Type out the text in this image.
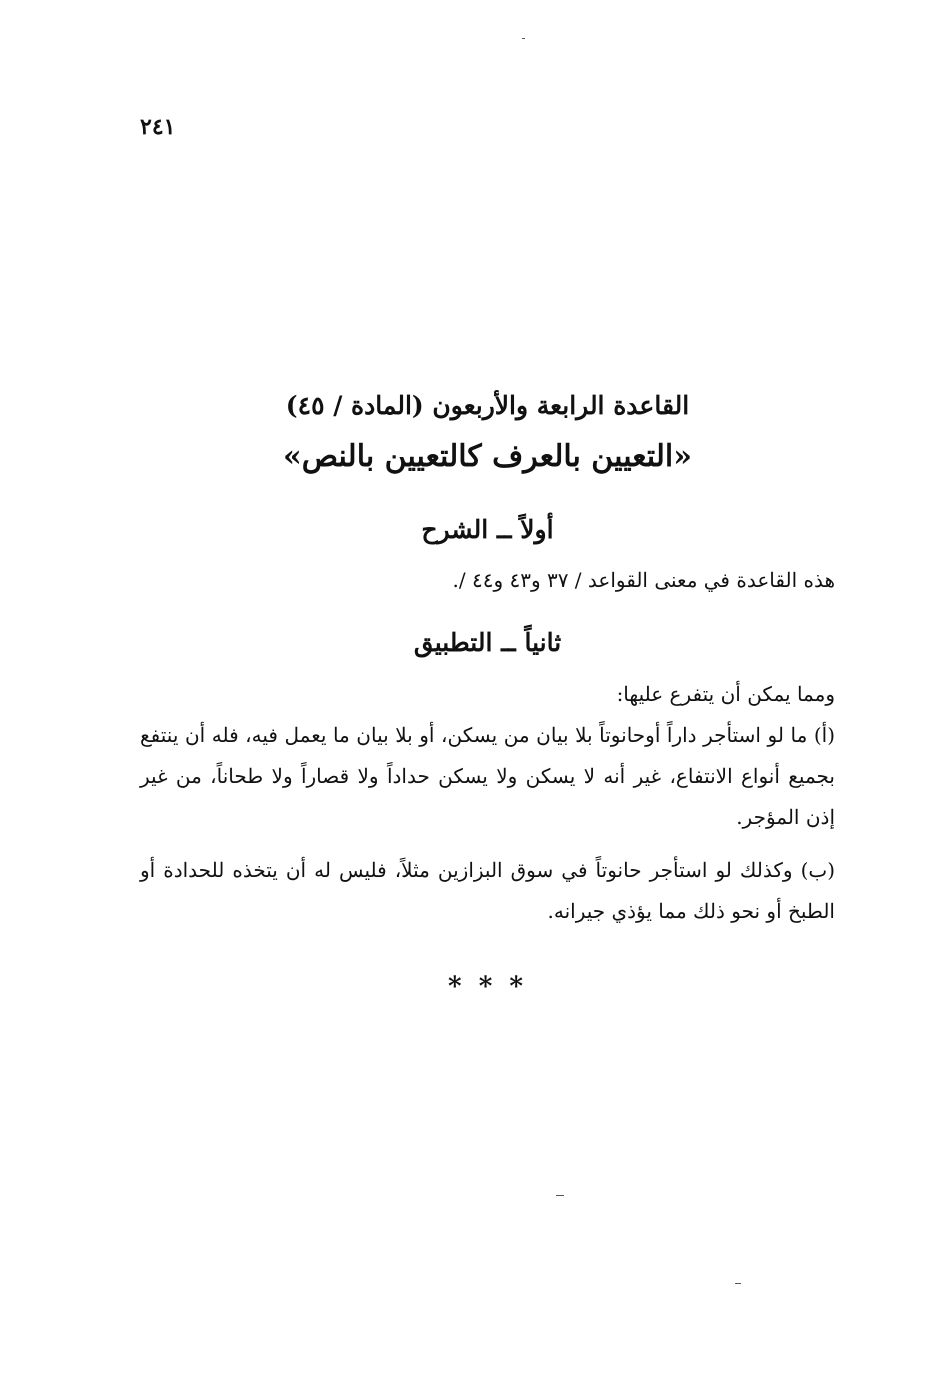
٢٤١
القاعدة الرابعة والأربعون (المادة / ٤٥)
«التعيين بالعرف كالتعيين بالنص»
أولاً ــ الشرح

هذه القاعدة في معنى القواعد / ٣٧ و٤٣ و٤٤ /.

ثانياً ــ التطبيق

ومما يمكن أن يتفرع عليها:

(أ) ما لو استأجر داراً أوحانوتاً بلا بيان من يسكن، أو بلا بيان ما يعمل فيه، فله أن ينتفع بجميع أنواع الانتفاع، غير أنه لا يسكن ولا يسكن حداداً ولا قصاراً ولا طحاناً، من غير إذن المؤجر.

(ب) وكذلك لو استأجر حانوتاً في سوق البزازين مثلاً، فليس له أن يتخذه للحدادة أو الطبخ أو نحو ذلك مما يؤذي جيرانه.

* * *
